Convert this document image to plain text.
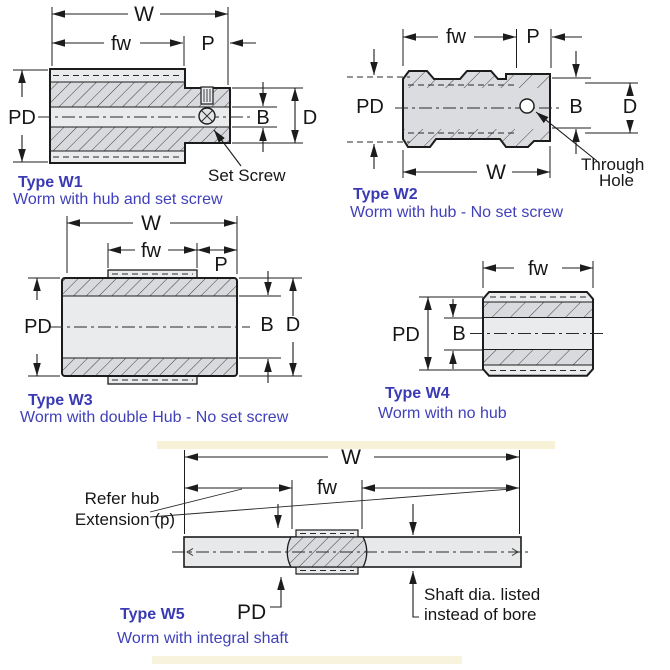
W
fw	P
PD	B D
Set Screw
Type W1
Worm with hub and set screw
fw	P
PD	B D
W	Through
Hole
Type W2
Worm with hub - No set screw
W
fw
P
PD	B D
Type W3
Worm with double Hub - No set screw
fw
PD B
Type W4
Worm with no hub
W
fw
PD
Shaft dia. listed
instead of bore
Refer hub
Extension (p)
Type W5
Worm with integral shaft
